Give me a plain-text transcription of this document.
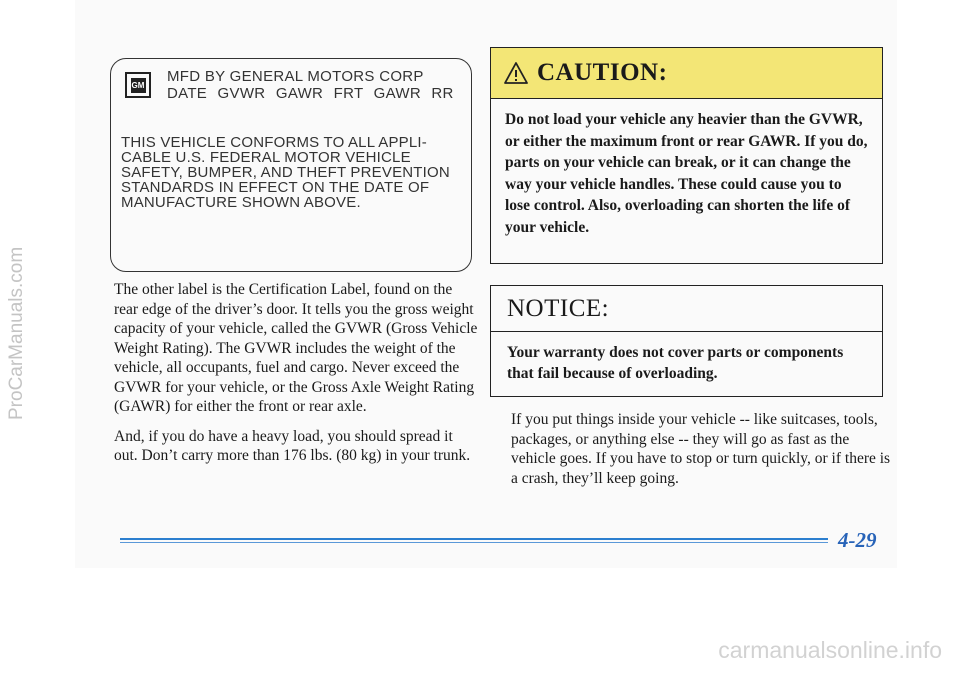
ProCarManuals.com
GM MFD BY GENERAL MOTORS CORP
DATE GVWR GAWR FRT GAWR RR
THIS VEHICLE CONFORMS TO ALL APPLI-
CABLE U.S. FEDERAL MOTOR VEHICLE
SAFETY, BUMPER, AND THEFT PREVENTION
STANDARDS IN EFFECT ON THE DATE OF
MANUFACTURE SHOWN ABOVE.

The other label is the Certification Label, found on the rear edge of the driver’s door. It tells you the gross weight capacity of your vehicle, called the GVWR (Gross Vehicle Weight Rating). The GVWR includes the weight of the vehicle, all occupants, fuel and cargo. Never exceed the GVWR for your vehicle, or the Gross Axle Weight Rating (GAWR) for either the front or rear axle.

And, if you do have a heavy load, you should spread it out. Don’t carry more than 176 lbs. (80 kg) in your trunk.

CAUTION:
Do not load your vehicle any heavier than the GVWR, or either the maximum front or rear GAWR. If you do, parts on your vehicle can break, or it can change the way your vehicle handles. These could cause you to lose control. Also, overloading can shorten the life of your vehicle.
NOTICE:
Your warranty does not cover parts or components that fail because of overloading.
If you put things inside your vehicle -- like suitcases, tools, packages, or anything else -- they will go as fast as the vehicle goes. If you have to stop or turn quickly, or if there is a crash, they’ll keep going.
4-29
carmanualsonline.info
